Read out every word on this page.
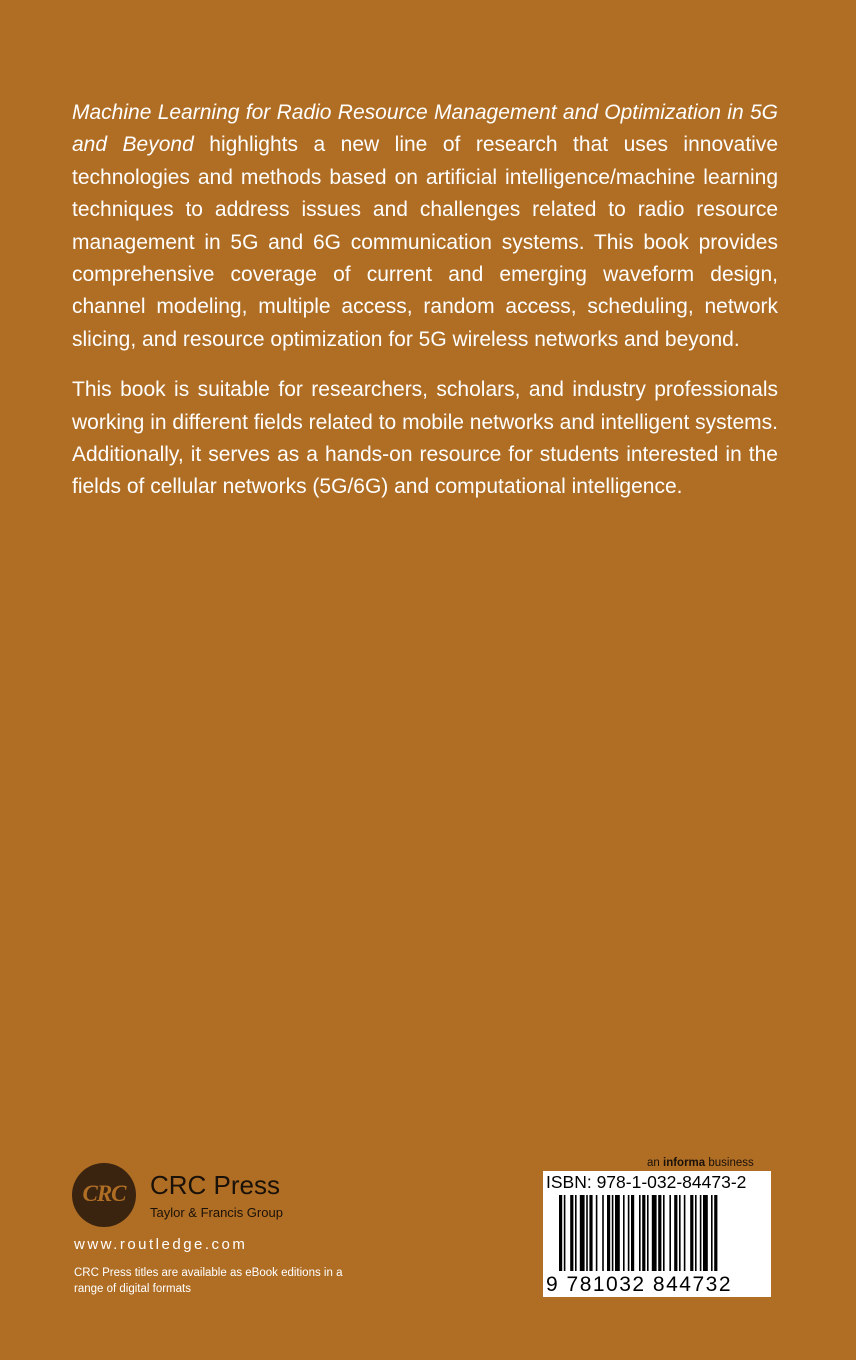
Machine Learning for Radio Resource Management and Optimization in 5G and Beyond highlights a new line of research that uses innovative technologies and methods based on artificial intelligence/machine learning techniques to address issues and challenges related to radio resource management in 5G and 6G communication systems. This book provides comprehensive coverage of current and emerging waveform design, channel modeling, multiple access, random access, scheduling, network slicing, and resource optimization for 5G wireless networks and beyond.

This book is suitable for researchers, scholars, and industry professionals working in different fields related to mobile networks and intelligent systems. Additionally, it serves as a hands-on resource for students interested in the fields of cellular networks (5G/6G) and computational intelligence.

CRC CRC Press
Taylor & Francis Group
www.routledge.com
CRC Press titles are available as eBook editions in a range of digital formats
an informa business
ISBN: 978-1-032-84473-2
9 781032 844732
